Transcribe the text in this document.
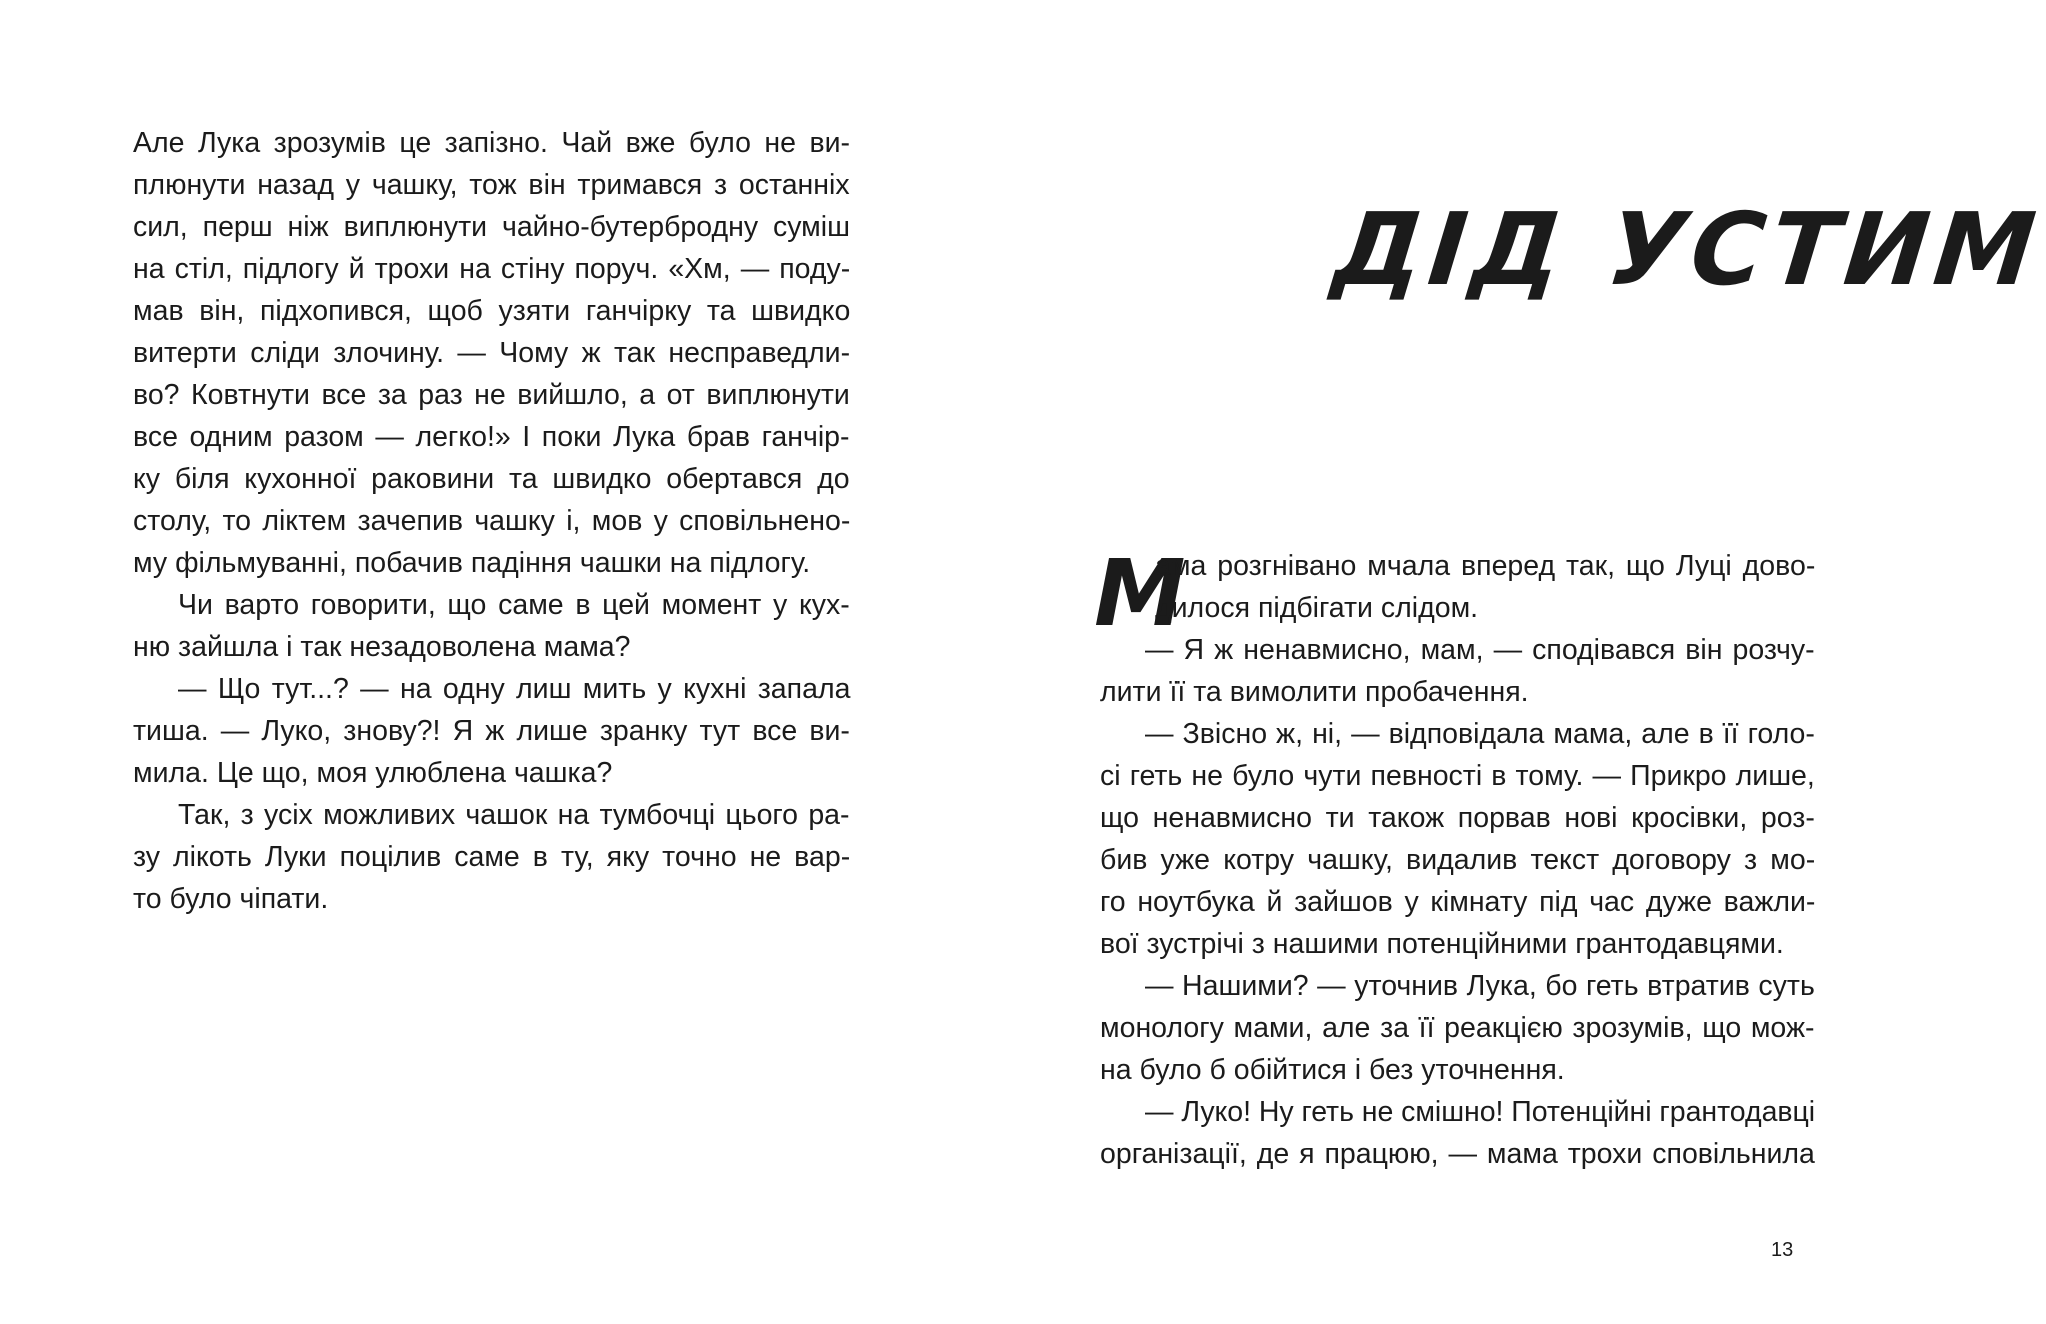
Але Лука зрозумів це запізно. Чай вже було не ви-
плюнути назад у чашку, тож він тримався з останніх
сил, перш ніж виплюнути чайно-бутербродну суміш
на стіл, підлогу й трохи на стіну поруч. «Хм, — поду-
мав він, підхопився, щоб узяти ганчірку та швидко
витерти сліди злочину. — Чому ж так несправедли-
во? Ковтнути все за раз не вийшло, а от виплюнути
все одним разом — легко!» І поки Лука брав ганчір-
ку біля кухонної раковини та швидко обертався до
столу, то ліктем зачепив чашку і, мов у сповільнено-
му фільмуванні, побачив падіння чашки на підлогу.
Чи варто говорити, що саме в цей момент у кух-
ню зайшла і так незадоволена мама?
— Що тут...? — на одну лиш мить у кухні запала
тиша. — Луко, знову?! Я ж лише зранку тут все ви-
мила. Це що, моя улюблена чашка?
Так, з усіх можливих чашок на тумбочці цього ра-
зу лікоть Луки поцілив саме в ту, яку точно не вар-
то було чіпати.
ДІД УСТИМ
М
ама розгнівано мчала вперед так, що Луці дово-
дилося підбігати слідом.
— Я ж ненавмисно, мам, — сподівався він розчу-
лити її та вимолити пробачення.
— Звісно ж, ні, — відповідала мама, але в її голо-
сі геть не було чути певності в тому. — Прикро лише,
що ненавмисно ти також порвав нові кросівки, роз-
бив уже котру чашку, видалив текст договору з мо-
го ноутбука й зайшов у кімнату під час дуже важли-
вої зустрічі з нашими потенційними грантодавцями.
— Нашими? — уточнив Лука, бо геть втратив суть
монологу мами, але за її реакцією зрозумів, що мож-
на було б обійтися і без уточнення.
— Луко! Ну геть не смішно! Потенційні грантодавці
організації, де я працюю, — мама трохи сповільнила
13
